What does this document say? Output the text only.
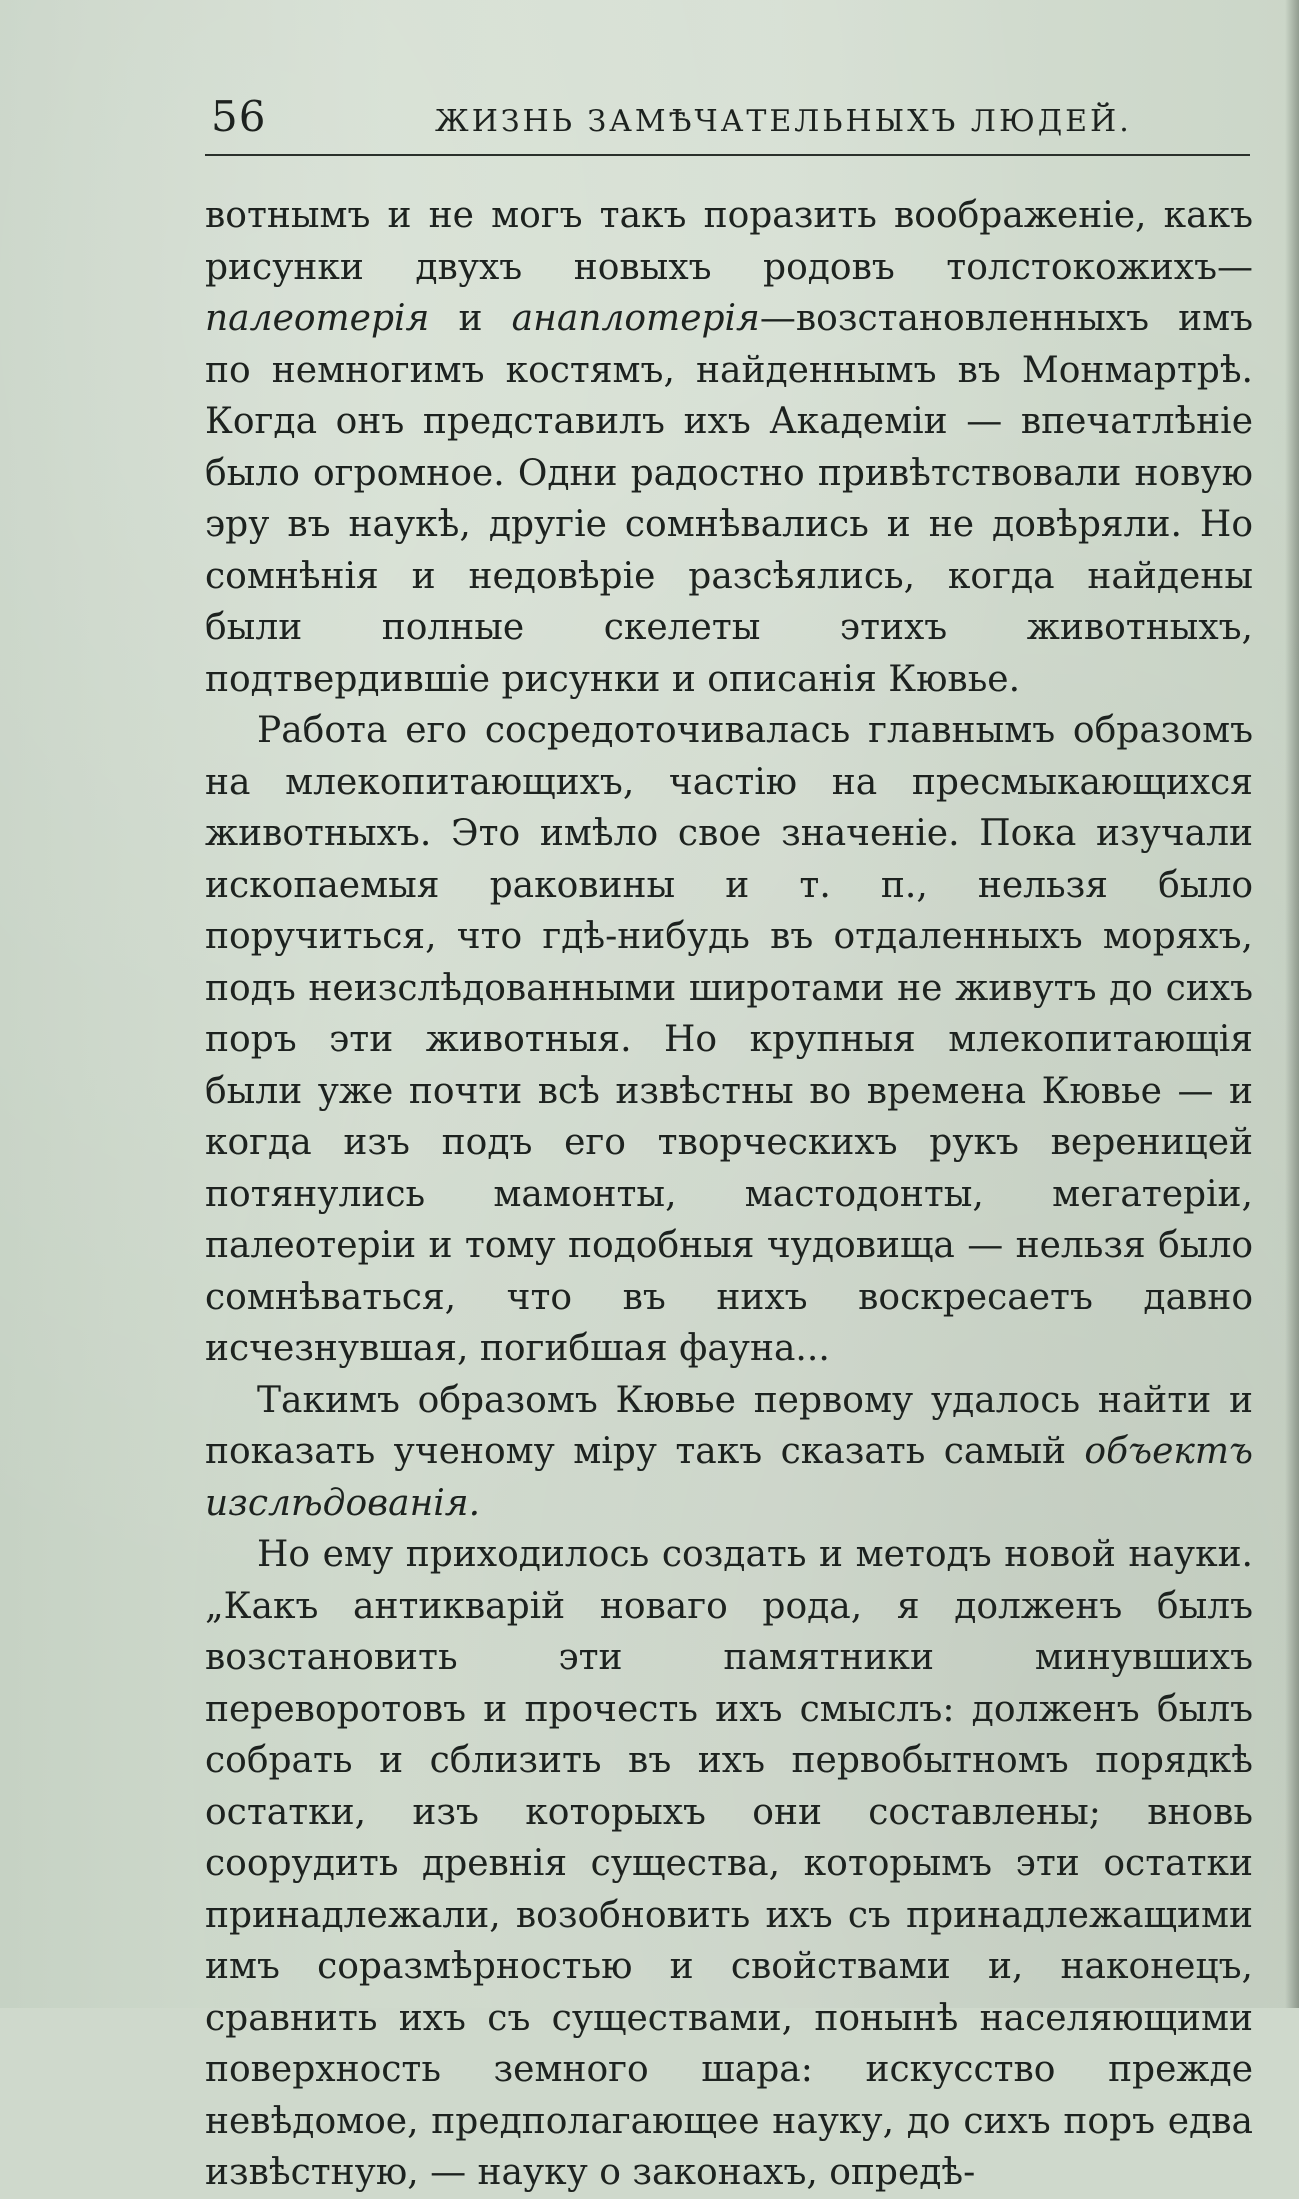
56	ЖИЗНЬ ЗАМѢЧАТЕЛЬНЫХЪ ЛЮДЕЙ.

вотнымъ и не могъ такъ поразить воображеніе, какъ рисунки двухъ новыхъ родовъ толстокожихъ—палеотерія и анаплотерія—возстановленныхъ имъ по немногимъ костямъ, найденнымъ въ Монмартрѣ. Когда онъ представилъ ихъ Академіи — впечатлѣніе было огромное. Одни радостно привѣтствовали новую эру въ наукѣ, другіе сомнѣвались и не довѣряли. Но сомнѣнія и недовѣріе разсѣялись, когда найдены были полные скелеты этихъ животныхъ, подтвердившіе рисунки и описанія Кювье.

Работа его сосредоточивалась главнымъ образомъ на млекопитающихъ, частію на пресмыкающихся животныхъ. Это имѣло свое значеніе. Пока изучали ископаемыя раковины и т. п., нельзя было поручиться, что гдѣ-нибудь въ отдаленныхъ моряхъ, подъ неизслѣдованными широтами не живутъ до сихъ поръ эти животныя. Но крупныя млекопитающія были уже почти всѣ извѣстны во времена Кювье — и когда изъ подъ его творческихъ рукъ вереницей потянулись мамонты, мастодонты, мегатеріи, палеотеріи и тому подобныя чудовища — нельзя было сомнѣваться, что въ нихъ воскресаетъ давно исчезнувшая, погибшая фауна...

Такимъ образомъ Кювье первому удалось найти и показать ученому міру такъ сказать самый объектъ изслѣдованія.

Но ему приходилось создать и методъ новой науки. „Какъ антикварій новаго рода, я долженъ былъ возстановить эти памятники минувшихъ переворотовъ и прочесть ихъ смыслъ: долженъ былъ собрать и сблизить въ ихъ первобытномъ порядкѣ остатки, изъ которыхъ они составлены; вновь соорудить древнія существа, которымъ эти остатки принадлежали, возобновить ихъ съ принадлежащими имъ соразмѣрностью и свойствами и, наконецъ, сравнить ихъ съ существами, понынѣ населяющими поверхность земного шара: искусство прежде невѣдомое, предполагающее науку, до сихъ поръ едва извѣстную, — науку о законахъ, опредѣ-
